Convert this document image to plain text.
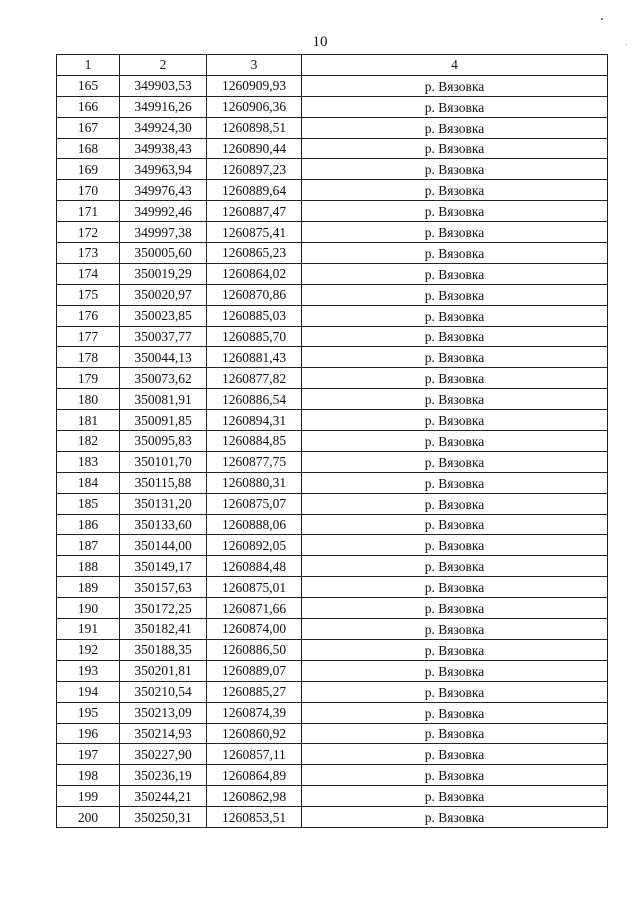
10
1	2	3	4
165	349903,53	1260909,93	р. Вязовка
166	349916,26	1260906,36	р. Вязовка
167	349924,30	1260898,51	р. Вязовка
168	349938,43	1260890,44	р. Вязовка
169	349963,94	1260897,23	р. Вязовка
170	349976,43	1260889,64	р. Вязовка
171	349992,46	1260887,47	р. Вязовка
172	349997,38	1260875,41	р. Вязовка
173	350005,60	1260865,23	р. Вязовка
174	350019,29	1260864,02	р. Вязовка
175	350020,97	1260870,86	р. Вязовка
176	350023,85	1260885,03	р. Вязовка
177	350037,77	1260885,70	р. Вязовка
178	350044,13	1260881,43	р. Вязовка
179	350073,62	1260877,82	р. Вязовка
180	350081,91	1260886,54	р. Вязовка
181	350091,85	1260894,31	р. Вязовка
182	350095,83	1260884,85	р. Вязовка
183	350101,70	1260877,75	р. Вязовка
184	350115,88	1260880,31	р. Вязовка
185	350131,20	1260875,07	р. Вязовка
186	350133,60	1260888,06	р. Вязовка
187	350144,00	1260892,05	р. Вязовка
188	350149,17	1260884,48	р. Вязовка
189	350157,63	1260875,01	р. Вязовка
190	350172,25	1260871,66	р. Вязовка
191	350182,41	1260874,00	р. Вязовка
192	350188,35	1260886,50	р. Вязовка
193	350201,81	1260889,07	р. Вязовка
194	350210,54	1260885,27	р. Вязовка
195	350213,09	1260874,39	р. Вязовка
196	350214,93	1260860,92	р. Вязовка
197	350227,90	1260857,11	р. Вязовка
198	350236,19	1260864,89	р. Вязовка
199	350244,21	1260862,98	р. Вязовка
200	350250,31	1260853,51	р. Вязовка
